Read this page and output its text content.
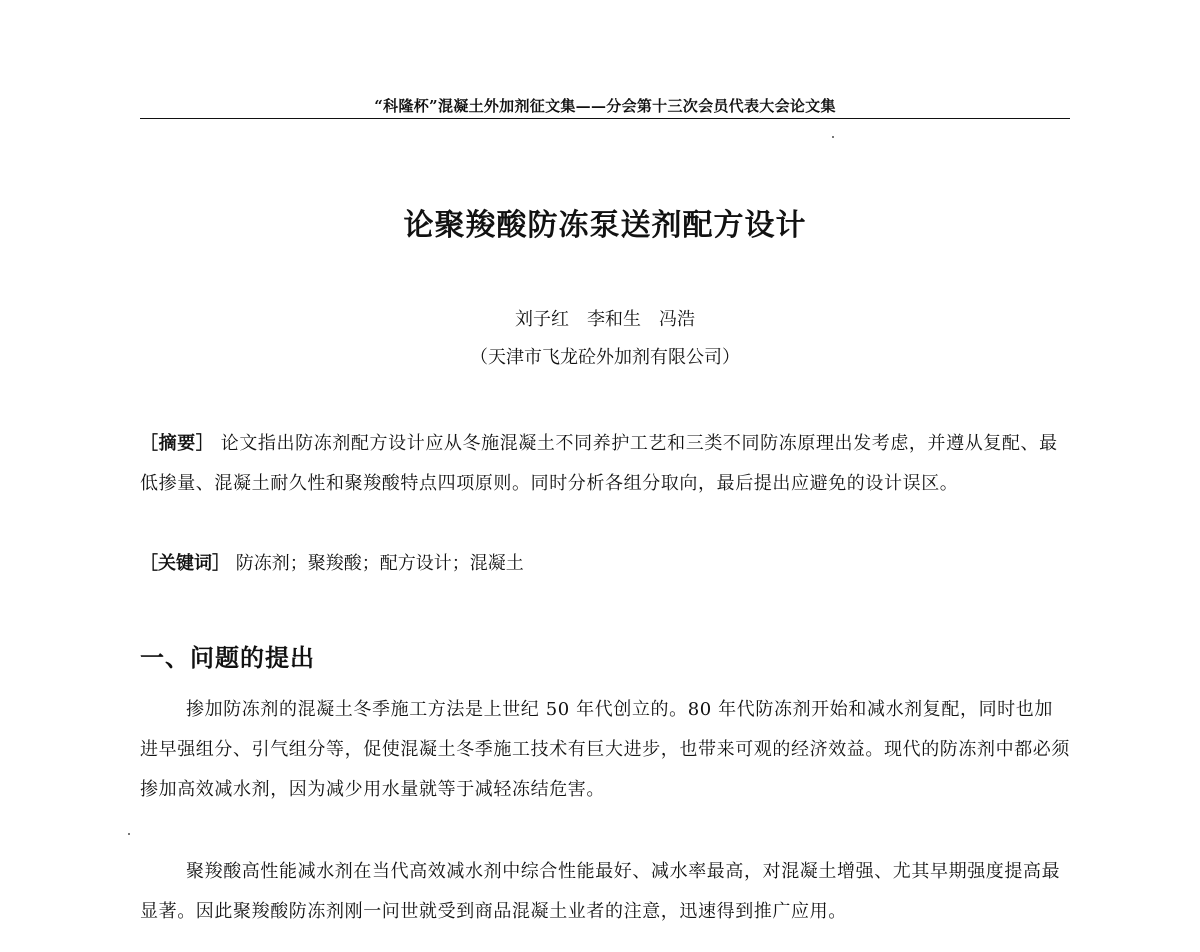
“科隆杯”混凝土外加剂征文集——分会第十三次会员代表大会论文集
论聚羧酸防冻泵送剂配方设计
刘子红　李和生　冯浩
（天津市飞龙砼外加剂有限公司）
［摘要］ 论文指出防冻剂配方设计应从冬施混凝土不同养护工艺和三类不同防冻原理出发考虑，并遵从复配、最低掺量、混凝土耐久性和聚羧酸特点四项原则。同时分析各组分取向，最后提出应避免的设计误区。
［关键词］ 防冻剂；聚羧酸；配方设计；混凝土
一、问题的提出

掺加防冻剂的混凝土冬季施工方法是上世纪 50 年代创立的。80 年代防冻剂开始和减水剂复配，同时也加进早强组分、引气组分等，促使混凝土冬季施工技术有巨大进步，也带来可观的经济效益。现代的防冻剂中都必须掺加高效减水剂，因为减少用水量就等于减轻冻结危害。

聚羧酸高性能减水剂在当代高效减水剂中综合性能最好、减水率最高，对混凝土增强、尤其早期强度提高最显著。因此聚羧酸防冻剂刚一问世就受到商品混凝土业者的注意，迅速得到推广应用。
